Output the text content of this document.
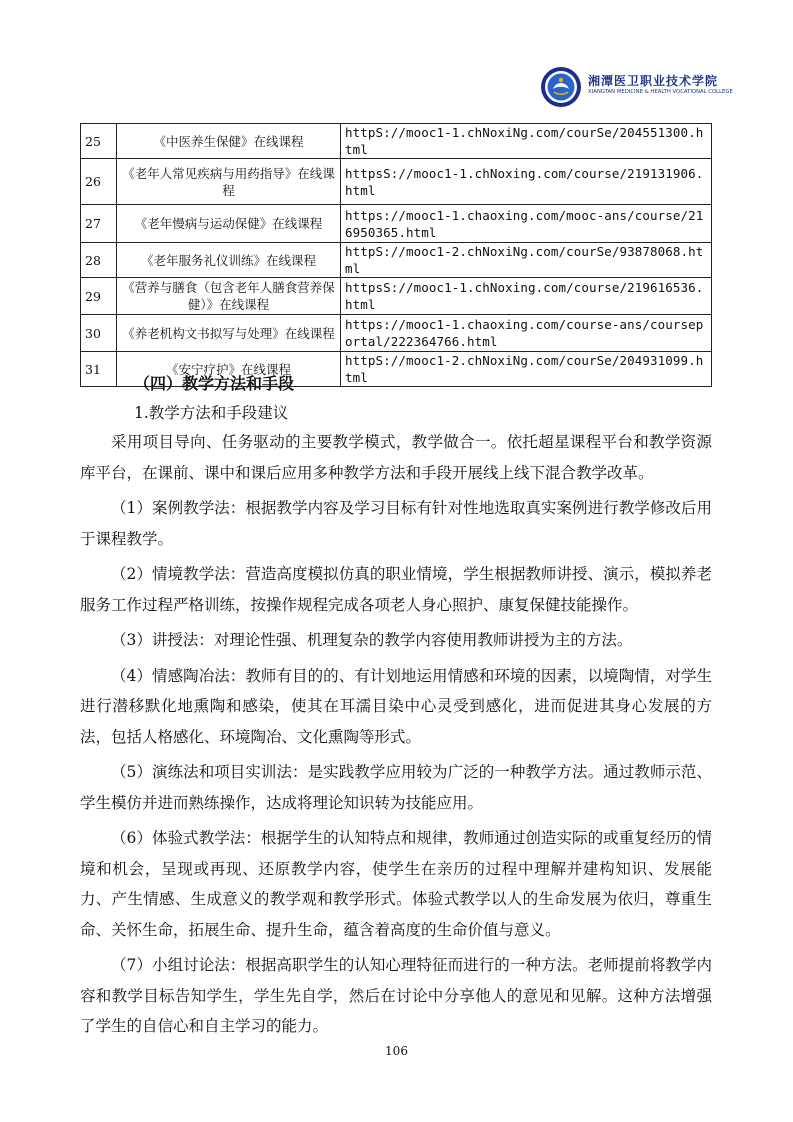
湘潭医卫职业技术学院
XIANGTAN MEDICINE & HEALTH VOCATIONAL COLLEGE
25	《中医养生保健》在线课程	httpS://mooc1-1.chNoxiNg.com/courSe/204551300.html
26	《老年人常见疾病与用药指导》在线课程	httpsS://mooc1-1.chNoxing.com/course/219131906.html
27	《老年慢病与运动保健》在线课程	https://mooc1-1.chaoxing.com/mooc-ans/course/216950365.html
28	《老年服务礼仪训练》在线课程	httpS://mooc1-2.chNoxiNg.com/courSe/93878068.html
29	《营养与膳食（包含老年人膳食营养保健）》在线课程	httpsS://mooc1-1.chNoxing.com/course/219616536.html
30	《养老机构文书拟写与处理》在线课程	https://mooc1-1.chaoxing.com/course-ans/courseportal/222364766.html
31	《安宁疗护》在线课程	httpS://mooc1-2.chNoxiNg.com/courSe/204931099.html
（四）教学方法和手段
1.教学方法和手段建议

采用项目导向、任务驱动的主要教学模式，教学做合一。依托超星课程平台和教学资源库平台，在课前、课中和课后应用多种教学方法和手段开展线上线下混合教学改革。

（1）案例教学法：根据教学内容及学习目标有针对性地选取真实案例进行教学修改后用于课程教学。

（2）情境教学法：营造高度模拟仿真的职业情境，学生根据教师讲授、演示，模拟养老服务工作过程严格训练，按操作规程完成各项老人身心照护、康复保健技能操作。

（3）讲授法：对理论性强、机理复杂的教学内容使用教师讲授为主的方法。

（4）情感陶冶法：教师有目的的、有计划地运用情感和环境的因素，以境陶情，对学生进行潜移默化地熏陶和感染，使其在耳濡目染中心灵受到感化，进而促进其身心发展的方法，包括人格感化、环境陶冶、文化熏陶等形式。

（5）演练法和项目实训法：是实践教学应用较为广泛的一种教学方法。通过教师示范、学生模仿并进而熟练操作，达成将理论知识转为技能应用。

（6）体验式教学法：根据学生的认知特点和规律，教师通过创造实际的或重复经历的情境和机会，呈现或再现、还原教学内容，使学生在亲历的过程中理解并建构知识、发展能力、产生情感、生成意义的教学观和教学形式。体验式教学以人的生命发展为依归，尊重生命、关怀生命，拓展生命、提升生命，蕴含着高度的生命价值与意义。

（7）小组讨论法：根据高职学生的认知心理特征而进行的一种方法。老师提前将教学内容和教学目标告知学生，学生先自学，然后在讨论中分享他人的意见和见解。这种方法增强了学生的自信心和自主学习的能力。

106
